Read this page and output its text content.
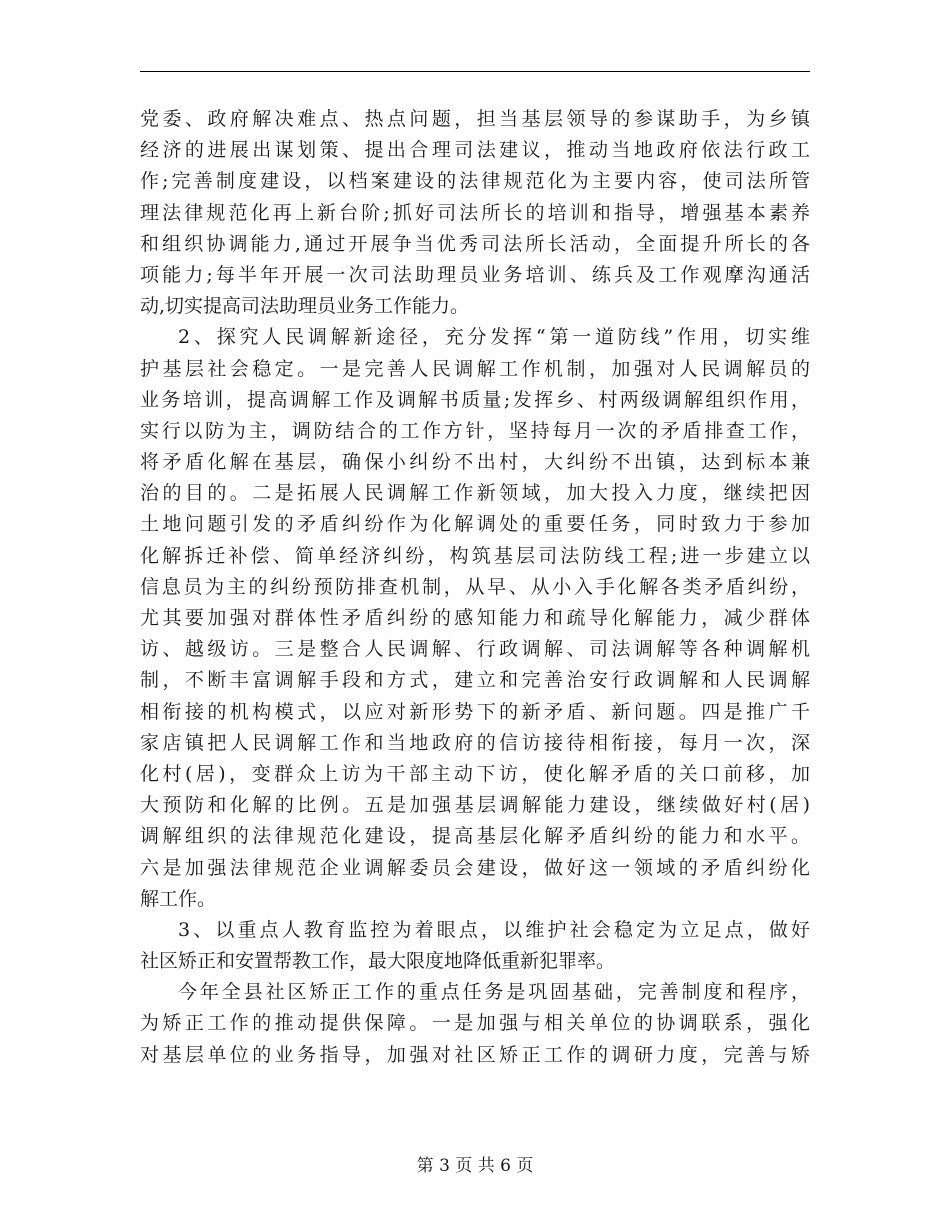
党委、政府解决难点、热点问题，担当基层领导的参谋助手，为乡镇
经济的进展出谋划策、提出合理司法建议，推动当地政府依法行政工
作;完善制度建设，以档案建设的法律规范化为主要内容，使司法所管
理法律规范化再上新台阶;抓好司法所长的培训和指导，增强基本素养
和组织协调能力,通过开展争当优秀司法所长活动，全面提升所长的各
项能力;每半年开展一次司法助理员业务培训、练兵及工作观摩沟通活
动,切实提高司法助理员业务工作能力。
2、探究人民调解新途径，充分发挥“第一道防线”作用，切实维
护基层社会稳定。一是完善人民调解工作机制，加强对人民调解员的
业务培训，提高调解工作及调解书质量;发挥乡、村两级调解组织作用，
实行以防为主，调防结合的工作方针，坚持每月一次的矛盾排查工作，
将矛盾化解在基层，确保小纠纷不出村，大纠纷不出镇，达到标本兼
治的目的。二是拓展人民调解工作新领域，加大投入力度，继续把因
土地问题引发的矛盾纠纷作为化解调处的重要任务，同时致力于参加
化解拆迁补偿、简单经济纠纷，构筑基层司法防线工程;进一步建立以
信息员为主的纠纷预防排查机制，从早、从小入手化解各类矛盾纠纷，
尤其要加强对群体性矛盾纠纷的感知能力和疏导化解能力，减少群体
访、越级访。三是整合人民调解、行政调解、司法调解等各种调解机
制，不断丰富调解手段和方式，建立和完善治安行政调解和人民调解
相衔接的机构模式，以应对新形势下的新矛盾、新问题。四是推广千
家店镇把人民调解工作和当地政府的信访接待相衔接，每月一次，深
化村(居)，变群众上访为干部主动下访，使化解矛盾的关口前移，加
大预防和化解的比例。五是加强基层调解能力建设，继续做好村(居)
调解组织的法律规范化建设，提高基层化解矛盾纠纷的能力和水平。
六是加强法律规范企业调解委员会建设，做好这一领域的矛盾纠纷化
解工作。
3、以重点人教育监控为着眼点，以维护社会稳定为立足点，做好
社区矫正和安置帮教工作，最大限度地降低重新犯罪率。
今年全县社区矫正工作的重点任务是巩固基础，完善制度和程序，
为矫正工作的推动提供保障。一是加强与相关单位的协调联系，强化
对基层单位的业务指导，加强对社区矫正工作的调研力度，完善与矫
第 3 页 共 6 页
